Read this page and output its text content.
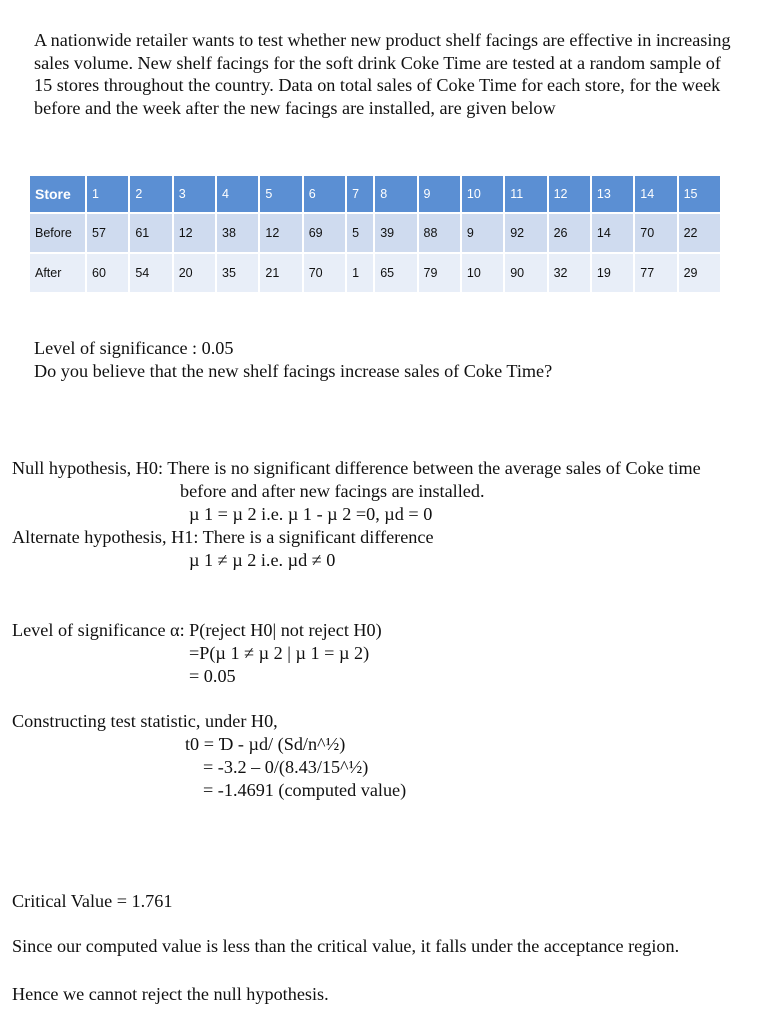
A nationwide retailer wants to test whether new product shelf facings are effective in increasing sales volume. New shelf facings for the soft drink Coke Time are tested at a random sample of 15 stores throughout the country. Data on total sales of Coke Time for each store, for the week before and the week after the new facings are installed, are given below

Store	1	2	3	4	5	6	7	8	9	10	11	12	13	14	15
Before	57	61	12	38	12	69	5	39	88	9	92	26	14	70	22
After	60	54	20	35	21	70	1	65	79	10	90	32	19	77	29
Level of significance : 0.05
Do you believe that the new shelf facings increase sales of Coke Time?
Null hypothesis, H0: There is no significant difference between the average sales of Coke time
before and after new facings are installed.
µ 1 = µ 2 i.e. µ 1 - µ 2 =0, µd = 0
Alternate hypothesis, H1: There is a significant difference
µ 1 ≠ µ 2 i.e. µd ≠ 0
Level of significance α: P(reject H0| not reject H0)
=P(µ 1 ≠ µ 2 | µ 1 = µ 2)
= 0.05
Constructing test statistic, under H0,
t0 = Ɗ - µd/ (Sd/n^½)
= -3.2 – 0/(8.43/15^½)
= -1.4691 (computed value)
Critical Value = 1.761
Since our computed value is less than the critical value, it falls under the acceptance region.
Hence we cannot reject the null hypothesis.
